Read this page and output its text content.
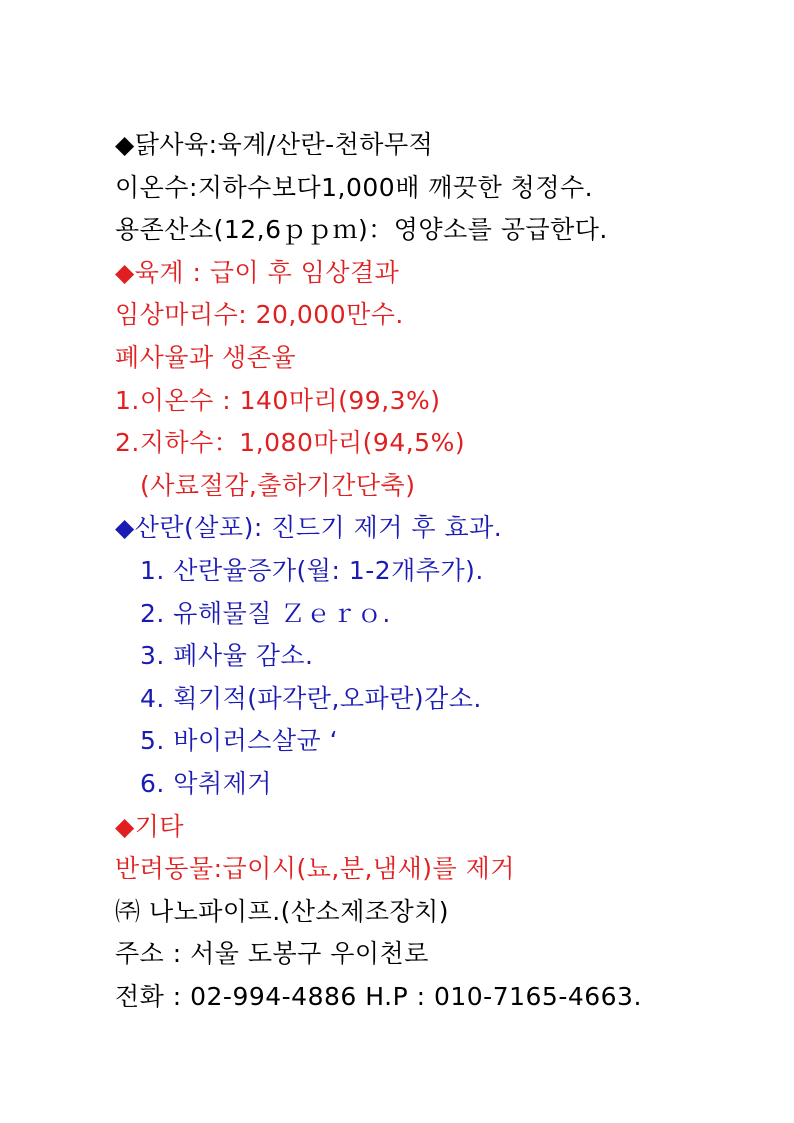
◆닭사육:육계/산란-천하무적
이온수:지하수보다1,000배 깨끗한 청정수.
용존산소(12,6ｐｐｍ)：영양소를 공급한다.
◆육계 : 급이 후 임상결과
임상마리수: 20,000만수.
폐사율과 생존율
1.이온수 : 140마리(99,3%)
2.지하수：1,080마리(94,5%)
(사료절감,출하기간단축)
◆산란(살포): 진드기 제거 후 효과.
1. 산란율증가(월: 1-2개추가).
2. 유해물질 Ｚｅｒｏ.
3. 폐사율 감소.
4. 획기적(파각란,오파란)감소.
5. 바이러스살균 ‘
6. 악취제거
◆기타
반려동물:급이시(뇨,분,냄새)를 제거
㈜ 나노파이프.(산소제조장치)
주소 : 서울 도봉구 우이천로
전화 : 02-994-4886 H.P : 010-7165-4663.
